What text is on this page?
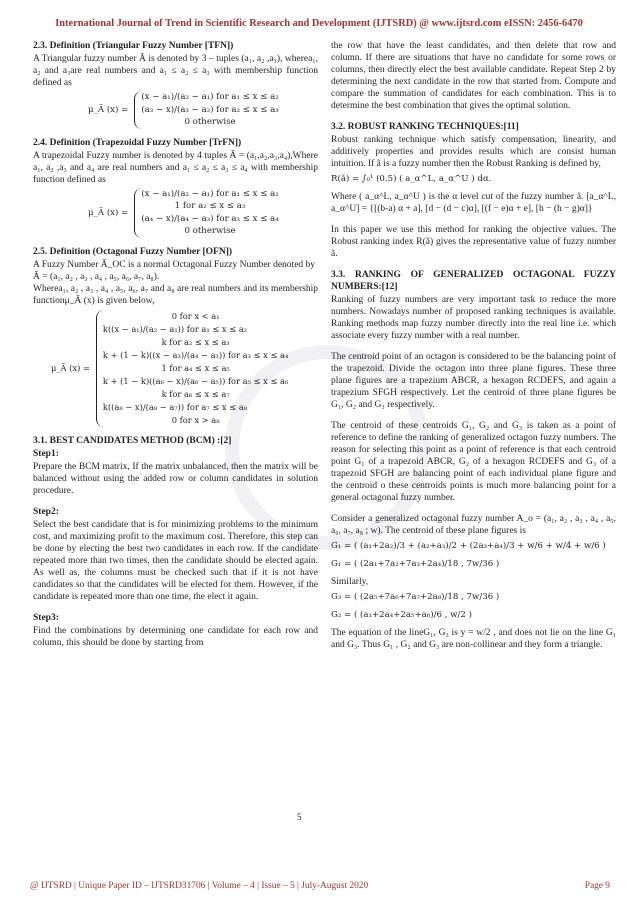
International Journal of Trend in Scientific Research and Development (IJTSRD) @ www.ijtsrd.com eISSN: 2456-6470
2.3. Definition (Triangular Fuzzy Number [TFN])

A Triangular fuzzy number Ã is denoted by 3 – tuples (a₁, a₂ ,a₃), wherea₁, a₂ and a₃are real numbers and a₁ ≤ a₂ ≤ a₃ with membership function defined as

μ_Ã (x) =
(x − a₁)/(a₂ − a₁) for a₁ ≤ x ≤ a₂
(a₃ − x)/(a₃ − a₂) for a₂ ≤ x ≤ a₃
0 otherwise
2.4. Definition (Trapezoidal Fuzzy Number [TrFN])

A trapezoidal Fuzzy number is denoted by 4 tuples Ã = (a₁,a₂,a₃,a₄),Where a₁, a₂ ,a₃ and a₄ are real numbers and a₁ ≤ a₂ ≤ a₃ ≤ a₄ with membership function defined as

μ_Ã (x) =
(x − a₁)/(a₂ − a₁) for a₁ ≤ x ≤ a₂
1 for a₂ ≤ x ≤ a₃
(a₄ − x)/(a₄ − a₃) for a₃ ≤ x ≤ a₄
0 otherwise
2.5. Definition (Octagonal Fuzzy Number [OFN])
A Fuzzy Number Ã_OC is a normal Octagonal Fuzzy Number denoted by
Ã = (a₁, a₂ , a₃ , a₄ , a₅, a₆, a₇, a₈).

Wherea₁, a₂ , a₃ , a₄ , a₅, a₆, a₇ and a₈ are real numbers and its membership functionμ_Ã (x) is given below,

μ_Ã (x) =
0 for x < a₁
k((x − a₁)/(a₂ − a₁)) for a₁ ≤ x ≤ a₂
k for a₂ ≤ x ≤ a₃
k + (1 − k)((x − a₃)/(a₄ − a₃)) for a₃ ≤ x ≤ a₄
1 for a₄ ≤ x ≤ a₅
k + (1 − k)((a₆ − x)/(a₆ − a₅)) for a₅ ≤ x ≤ a₆
k for a₆ ≤ x ≤ a₇
k((a₈ − x)/(a₈ − a₇)) for a₇ ≤ x ≤ a₈
0 for x > a₈
3.1. BEST CANDIDATES METHOD (BCM) :[2]
Step1:

Prepare the BCM matrix, If the matrix unbalanced, then the matrix will be balanced without using the added row or column candidates in solution procedure.

Step2:

Select the best candidate that is for minimizing problems to the minimum cost, and maximizing profit to the maximum cost. Therefore, this step can be done by electing the best two candidates in each row. If the candidate repeated more than two times, then the candidate should be elected again. As well as, the columns must be checked such that if it is not have candidates so that the candidates will be elected for them. However, if the candidate is repeated more than one time, the elect it again.

Step3:

Find the combinations by determining one candidate for each row and column, this should be done by starting from

5

the row that have the least candidates, and then delete that row and column. If there are situations that have no candidate for some rows or columns, then directly elect the best available candidate. Repeat Step 2 by determining the next candidate in the row that started from. Compute and compare the summation of candidates for each combination. This is to determine the best combination that gives the optimal solution.

3.2. ROBUST RANKING TECHNIQUES:[11]

Robust ranking technique which satisfy compensation, linearity, and additively properties and provides results which are consist human intuition. If ã is a fuzzy number then the Robust Ranking is defined by,

R(ã) = ∫₀¹ (0.5) ( a_α^L, a_α^U ) dα.

Where ( a_α^L, a_α^U ) is the α level cut of the fuzzy number ã. [a_α^L, a_α^U] = {[(b-a) α + a], [d − (d − c)α], [(f − e)α + e], [h − (h − g)α]}

In this paper we use this method for ranking the objective values. The Robust ranking index R(ã) gives the representative value of fuzzy number ã.

3.3. RANKING OF GENERALIZED OCTAGONAL FUZZY NUMBERS:[12]

Ranking of fuzzy numbers are very important task to reduce the more numbers. Nowadays number of proposed ranking techniques is available. Ranking methods map fuzzy number directly into the real line i.e. which associate every fuzzy number with a real number.

The centroid point of an octagon is considered to be the balancing point of the trapezoid. Divide the octagon into three plane figures. These three plane figures are a trapezium ABCR, a hexagon RCDEFS, and again a trapezium SFGH respectively. Let the centroid of three plane figures be G₁, G₂ and G₃ respectively.

The centroid of these centroids G₁, G₂ and G₃ is taken as a point of reference to define the ranking of generalized octagon fuzzy numbers. The reason for selecting this point as a point of reference is that each centroid point G₁ of a trapezoid ABCR, G₂ of a hexagon RCDEFS and G₃ of a trapezoid SFGH are balancing point of each individual plane figure and the centroid o these centroids points is much more balancing point for a general octagonal fuzzy number.

Consider a generalized octagonal fuzzy number A_o = (a₁, a₂ , a₃ , a₄ , a₅, a₆, a₇, a₈ ; w). The centroid of these plane figures is

G₁ = ( (a₁+2a₂)/3 + (a₂+a₃)/2 + (2a₃+a₄)/3 + w/6 + w/4 + w/6 )
G₁ = ( (2a₁+7a₂+7a₃+2a₄)/18 , 7w/36 )
Similarly,
G₃ = ( (2a₅+7a₆+7a₇+2a₈)/18 , 7w/36 )
G₂ = ( (a₁+2a₄+2a₅+a₆)/6 , w/2 )

The equation of the lineG₁, G₃ is y = w/2 , and does not lie on the line G₁ and G₃. Thus G₁ , G₂ and G₃ are non-collinear and they form a triangle.

@ IJTSRD | Unique Paper ID – IJTSRD31706 | Volume – 4 | Issue – 5 | July-August 2020	Page 9
